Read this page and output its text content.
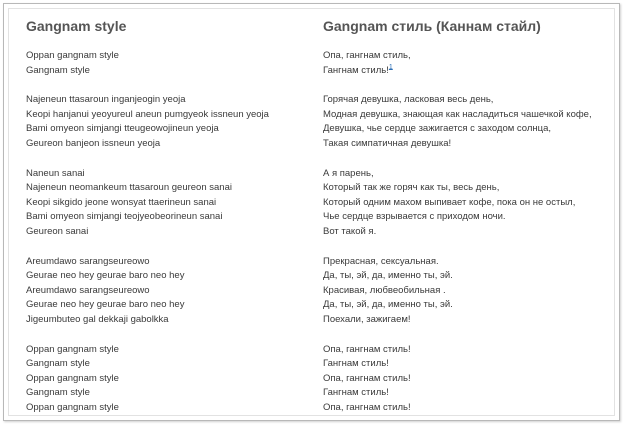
Gangnam style
Oppan gangnam style
Gangnam style
Najeneun ttasaroun inganjeogin yeoja
Keopi hanjanui yeoyureul aneun pumgyeok issneun yeoja
Bami omyeon simjangi tteugeowojineun yeoja
Geureon banjeon issneun yeoja
Naneun sanai
Najeneun neomankeum ttasaroun geureon sanai
Keopi sikgido jeone wonsyat ttaerineun sanai
Bami omyeon simjangi teojyeobeorineun sanai
Geureon sanai
Areumdawo sarangseureowo
Geurae neo hey geurae baro neo hey
Areumdawo sarangseureowo
Geurae neo hey geurae baro neo hey
Jigeumbuteo gal dekkaji gabolkka
Oppan gangnam style
Gangnam style
Oppan gangnam style
Gangnam style
Oppan gangnam style
Gangnam стиль (Каннам стайл)
Опа, гангнам стиль,
Гангнам стиль!$^1$
Горячая девушка, ласковая весь день,
Модная девушка, знающая как насладиться чашечкой кофе,
Девушка, чье сердце зажигается с заходом солнца,
Такая симпатичная девушка!
А я парень,
Который так же горяч как ты, весь день,
Который одним махом выпивает кофе, пока он не остыл,
Чье сердце взрывается с приходом ночи.
Вот такой я.
Прекрасная, сексуальная.
Да, ты, эй, да, именно ты, эй.
Красивая, любвеобильная .
Да, ты, эй, да, именно ты, эй.
Поехали, зажигаем!
Опа, гангнам стиль!
Гангнам стиль!
Опа, гангнам стиль!
Гангнам стиль!
Опа, гангнам стиль!
